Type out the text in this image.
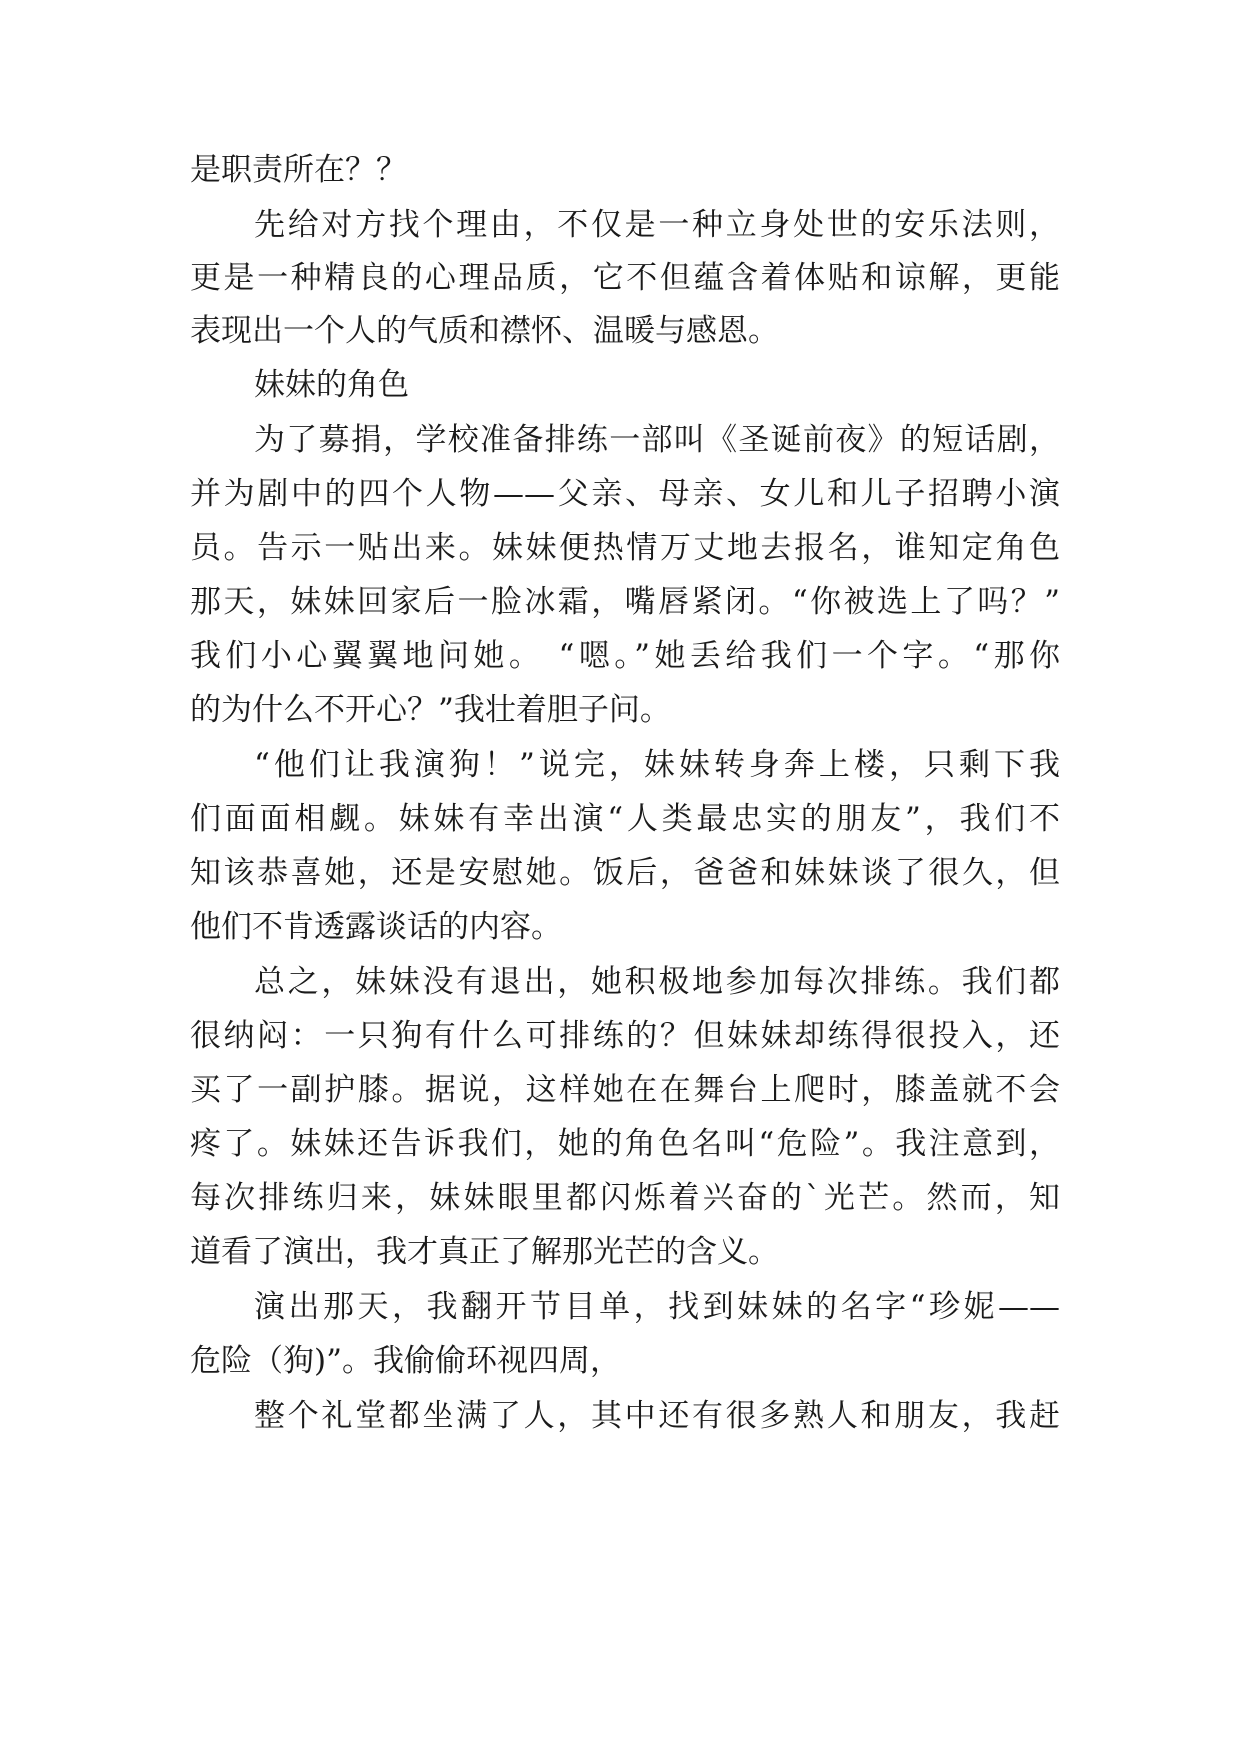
是职责所在？？
先给对方找个理由，不仅是一种立身处世的安乐法则，
更是一种精良的心理品质，它不但蕴含着体贴和谅解，更能
表现出一个人的气质和襟怀、温暖与感恩。
妹妹的角色
为了募捐，学校准备排练一部叫《圣诞前夜》的短话剧，
并为剧中的四个人物——父亲、母亲、女儿和儿子招聘小演
员。告示一贴出来。妹妹便热情万丈地去报名，谁知定角色
那天，妹妹回家后一脸冰霜，嘴唇紧闭。“你被选上了吗？”
我们小心翼翼地问她。 “嗯。”她丢给我们一个字。“那你
的为什么不开心？”我壮着胆子问。
“他们让我演狗！”说完，妹妹转身奔上楼，只剩下我
们面面相觑。妹妹有幸出演“人类最忠实的朋友”，我们不
知该恭喜她，还是安慰她。饭后，爸爸和妹妹谈了很久，但
他们不肯透露谈话的内容。
总之，妹妹没有退出，她积极地参加每次排练。我们都
很纳闷：一只狗有什么可排练的？但妹妹却练得很投入，还
买了一副护膝。据说，这样她在在舞台上爬时，膝盖就不会
疼了。妹妹还告诉我们，她的角色名叫“危险”。我注意到，
每次排练归来，妹妹眼里都闪烁着兴奋的`光芒。然而，知
道看了演出，我才真正了解那光芒的含义。
演出那天，我翻开节目单，找到妹妹的名字“珍妮——
危险（狗)”。我偷偷环视四周，
整个礼堂都坐满了人，其中还有很多熟人和朋友，我赶
